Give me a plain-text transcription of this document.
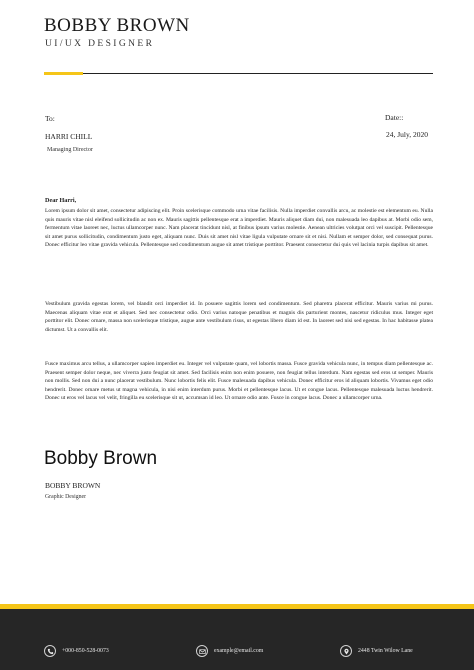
BOBBY BROWN
UI/UX DESIGNER
To:
HARRI CHILL
Managing Director
Date::
24, July, 2020
Dear Harri,

Lorem ipsum dolor sit amet, consectetur adipiscing elit. Proin scelerisque commodo urna vitae facilisis. Nulla imperdiet convallis arcu, ac molestie est elementum eu. Nulla quis mauris vitae nisl eleifend sollicitudin ac non ex. Mauris sagittis pellentesque erat a imperdiet. Mauris aliquet diam dui, non malesuada leo dapibus at. Morbi odio sem, fermentum vitae laoreet nec, luctus ullamcorper nunc. Nam placerat tincidunt nisl, at finibus ipsum varius molestie. Aenean ultricies volutpat orci vel suscipit. Pellentesque sit amet purus sollicitudin, condimentum justo eget, aliquam nunc. Duis sit amet nisl vitae ligula vulputate ornare sit et nisi. Nullam et semper dolor, sed consequat purus. Donec efficitur leo vitae gravida vehicula. Pellentesque sed condimentum augue sit amet tristique porttitor. Praesent consectetur dui quis vel lacinia turpis dapibus sit amet.

Vestibulum gravida egestas lorem, vel blandit orci imperdiet id. In posuere sagittis lorem sed condimentum. Sed pharetra placerat efficitur. Mauris varius mi purus. Maecenas aliquam vitae erat et aliquet. Sed nec consectetur odio. Orci varius natoque penatibus et magnis dis parturient montes, nascetur ridiculus mus. Integer eget porttitor elit. Donec ornare, massa non scelerisque tristique, augue ante vestibulum risus, ut egestas libero diam id est. In laoreet sed nisi sed egestas. In hac habitasse platea dictumst. Ut a convallis elit.

Fusce maximus arcu tellus, a ullamcorper sapien imperdiet eu. Integer vel vulputate quam, vel lobortis massa. Fusce gravida vehicula nunc, in tempus diam pellentesque ac. Praesent semper dolor neque, nec viverra justo feugiat sit amet. Sed facilisis enim non enim posuere, non feugiat tellus interdum. Nam egestas sed eros ut semper. Mauris non mollis. Sed non dui a nunc placerat vestibulum. Nunc lobortis felis elit. Fusce malesuada dapibus vehicula. Donec efficitur eros id aliquam lobortis. Vivamus eget odio hendrerit. Donec ornare metus ut magna vehicula, in nisi enim interdum purus. Morbi et pellentesque lacus. Ut et congue lacus. Pellentesque malesuada luctus hendrerit. Donec ut eros vel lacus vel velit, fringilla eu scelerisque sit ut, accumsan id leo. Ut ornare odio ante. Fusce in congue lacus. Donec a ullamcorper urna.

Bobby Brown
BOBBY BROWN
Graphic Designer
+000-850-528-0073	example@email.com	2448 Twin Wilow Lane
